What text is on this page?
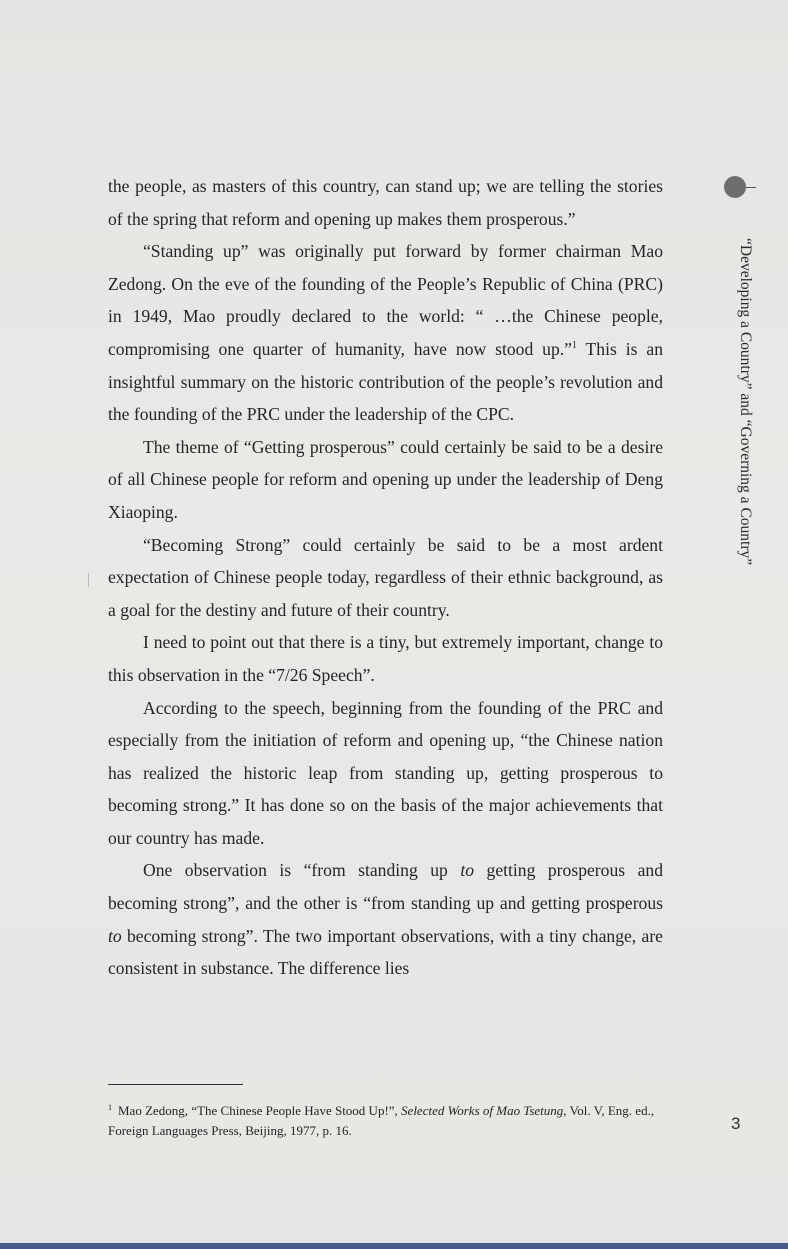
the people, as masters of this country, can stand up; we are telling the stories of the spring that reform and opening up makes them prosperous.”

“Standing up” was originally put forward by former chairman Mao Zedong. On the eve of the founding of the People’s Republic of China (PRC) in 1949, Mao proudly declared to the world: “ …the Chinese people, compromising one quarter of humanity, have now stood up.”$^1$ This is an insightful summary on the historic contribution of the people’s revolution and the founding of the PRC under the leadership of the CPC.

The theme of “Getting prosperous” could certainly be said to be a desire of all Chinese people for reform and opening up under the leadership of Deng Xiaoping.

“Becoming Strong” could certainly be said to be a most ardent expectation of Chinese people today, regardless of their ethnic background, as a goal for the destiny and future of their country.

I need to point out that there is a tiny, but extremely important, change to this observation in the “7/26 Speech”.

According to the speech, beginning from the founding of the PRC and especially from the initiation of reform and opening up, “the Chinese nation has realized the historic leap from standing up, getting prosperous to becoming strong.” It has done so on the basis of the major achievements that our country has made.

One observation is “from standing up to getting prosperous and becoming strong”, and the other is “from standing up and getting prosperous to becoming strong”. The two important observations, with a tiny change, are consistent in substance. The difference lies

$^1$ Mao Zedong, “The Chinese People Have Stood Up!”, Selected Works of Mao Tsetung, Vol. V, Eng. ed., Foreign Languages Press, Beijing, 1977, p. 16.	3
“Developing a Country” and “Governing a Country”
